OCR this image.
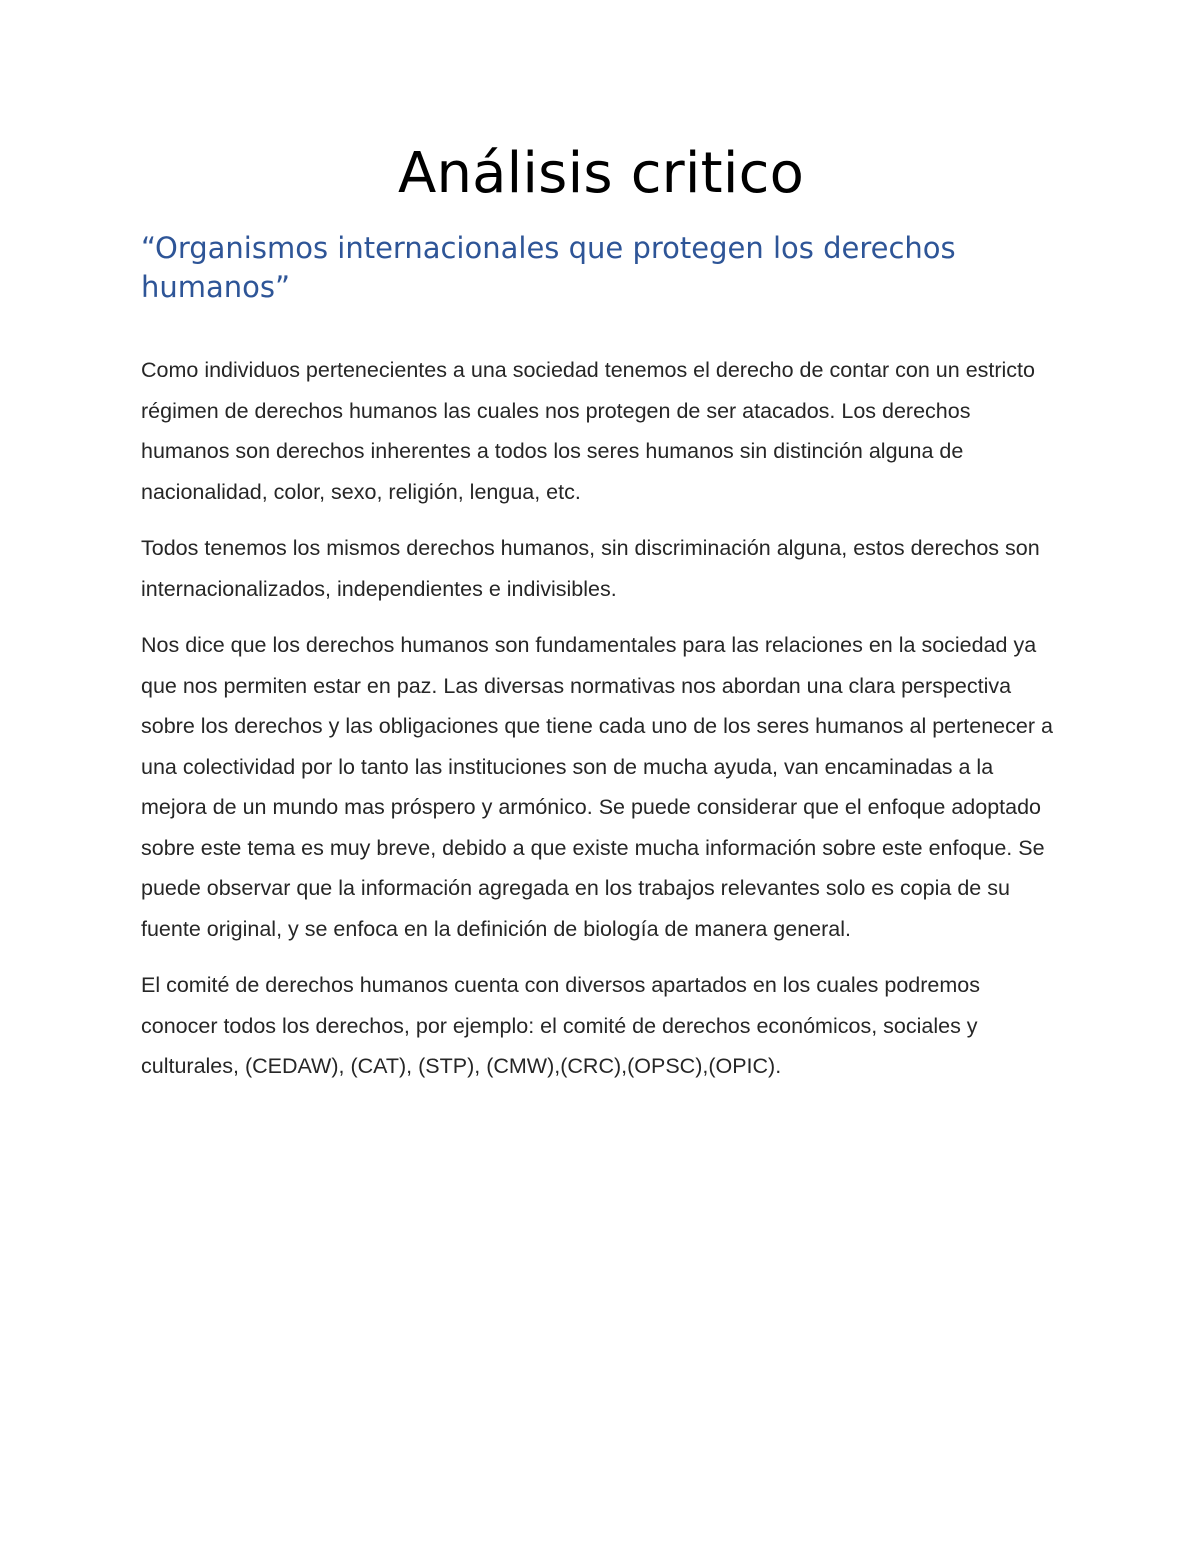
Análisis critico
“Organismos internacionales que protegen los derechos humanos”

Como individuos pertenecientes a una sociedad tenemos el derecho de contar con un estricto régimen de derechos humanos las cuales nos protegen de ser atacados. Los derechos humanos son derechos inherentes a todos los seres humanos sin distinción alguna de nacionalidad, color, sexo, religión, lengua, etc.

Todos tenemos los mismos derechos humanos, sin discriminación alguna, estos derechos son internacionalizados, independientes e indivisibles.

Nos dice que los derechos humanos son fundamentales para las relaciones en la sociedad ya que nos permiten estar en paz. Las diversas normativas nos abordan una clara perspectiva sobre los derechos y las obligaciones que tiene cada uno de los seres humanos al pertenecer a una colectividad por lo tanto las instituciones son de mucha ayuda, van encaminadas a la mejora de un mundo mas próspero y armónico. Se puede considerar que el enfoque adoptado sobre este tema es muy breve, debido a que existe mucha información sobre este enfoque. Se puede observar que la información agregada en los trabajos relevantes solo es copia de su fuente original, y se enfoca en la definición de biología de manera general.

El comité de derechos humanos cuenta con diversos apartados en los cuales podremos conocer todos los derechos, por ejemplo: el comité de derechos económicos, sociales y culturales, (CEDAW), (CAT), (STP), (CMW),(CRC),(OPSC),(OPIC).
